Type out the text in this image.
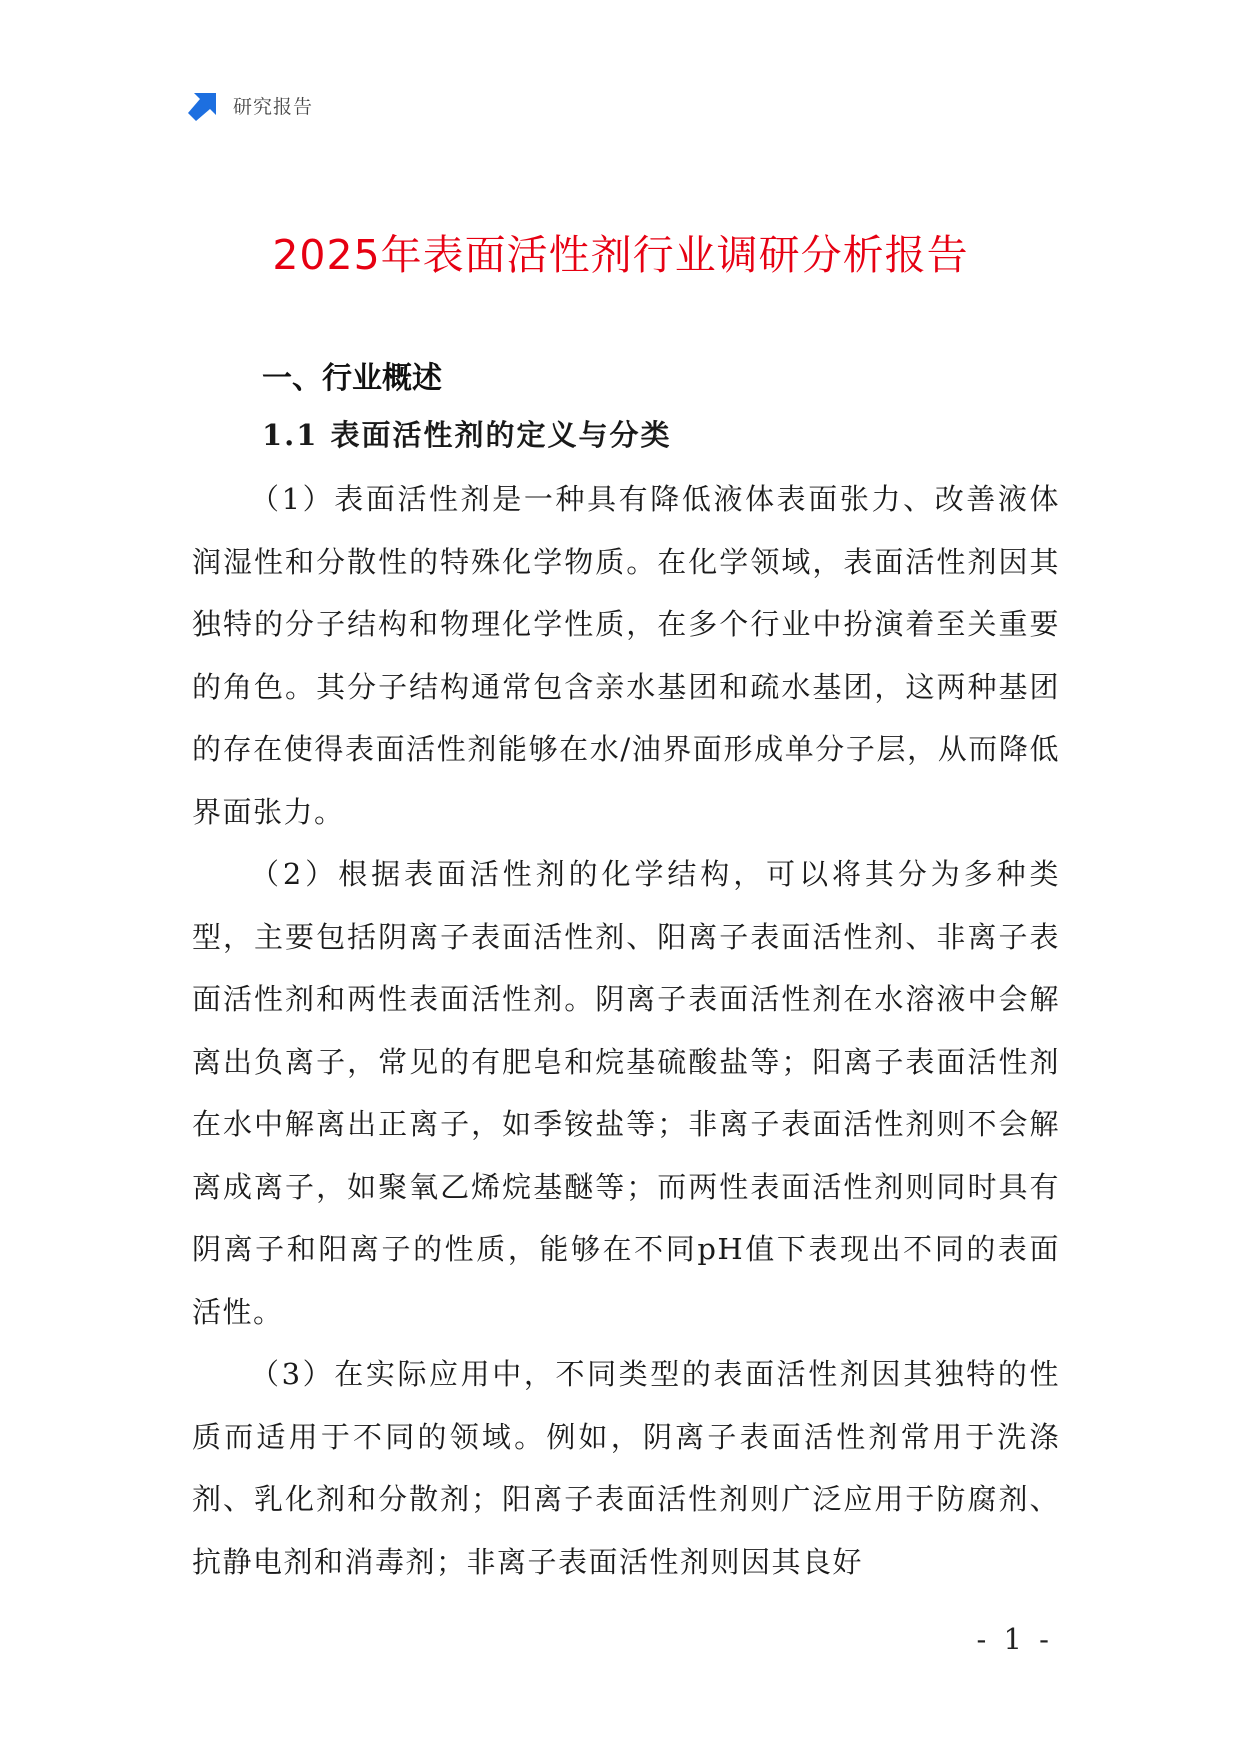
研究报告
2025年表面活性剂行业调研分析报告
一、行业概述
1.1 表面活性剂的定义与分类

（1）表面活性剂是一种具有降低液体表面张力、改善液体润湿性和分散性的特殊化学物质。在化学领域，表面活性剂因其独特的分子结构和物理化学性质，在多个行业中扮演着至关重要的角色。其分子结构通常包含亲水基团和疏水基团，这两种基团的存在使得表面活性剂能够在水/油界面形成单分子层，从而降低界面张力。

（2）根据表面活性剂的化学结构，可以将其分为多种类型，主要包括阴离子表面活性剂、阳离子表面活性剂、非离子表面活性剂和两性表面活性剂。阴离子表面活性剂在水溶液中会解离出负离子，常见的有肥皂和烷基硫酸盐等；阳离子表面活性剂在水中解离出正离子，如季铵盐等；非离子表面活性剂则不会解离成离子，如聚氧乙烯烷基醚等；而两性表面活性剂则同时具有阴离子和阳离子的性质，能够在不同pH值下表现出不同的表面活性。

（3）在实际应用中，不同类型的表面活性剂因其独特的性质而适用于不同的领域。例如，阴离子表面活性剂常用于洗涤剂、乳化剂和分散剂；阳离子表面活性剂则广泛应用于防腐剂、抗静电剂和消毒剂；非离子表面活性剂则因其良好

- 1 -
